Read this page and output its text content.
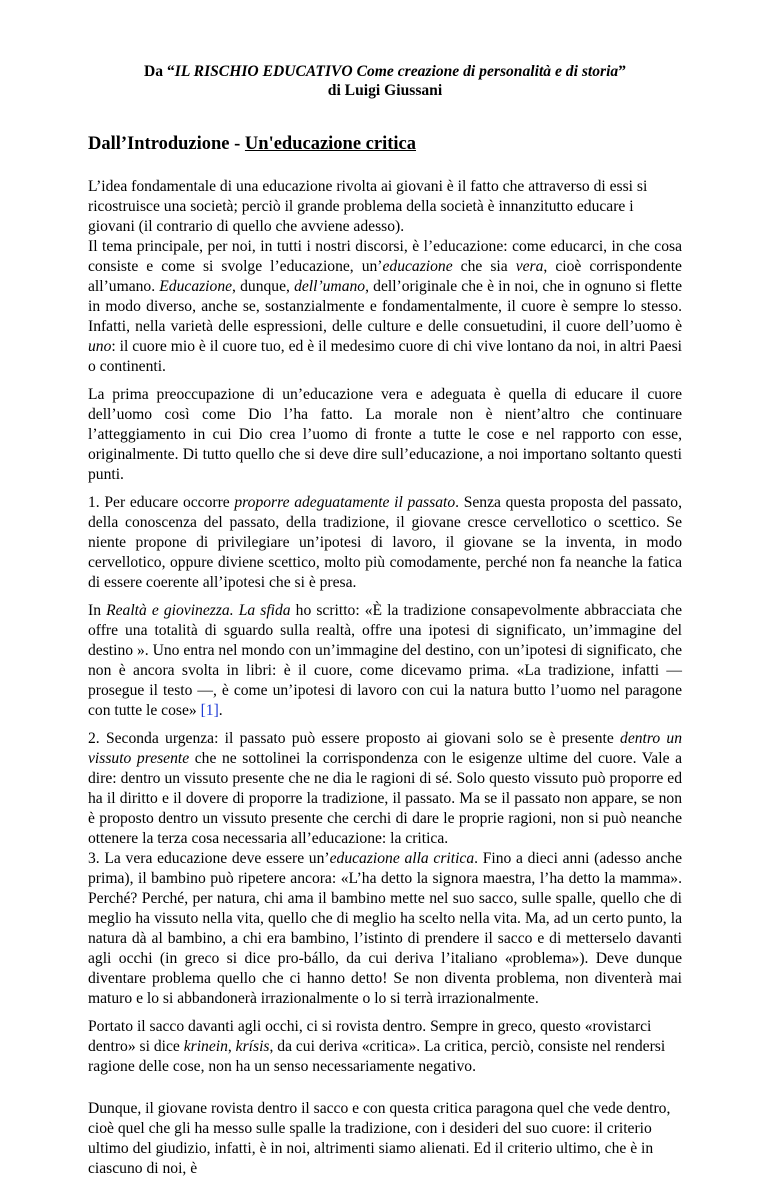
Da “IL RISCHIO EDUCATIVO Come creazione di personalità e di storia”
di Luigi Giussani
Dall’Introduzione - Un'educazione critica

L’idea fondamentale di una educazione rivolta ai giovani è il fatto che attraverso di essi si ricostruisce una società; perciò il grande problema della società è innanzitutto educare i giovani (il contrario di quello che avviene adesso).

Il tema principale, per noi, in tutti i nostri discorsi, è l’educazione: come educarci, in che cosa consiste e come si svolge l’educazione, un’educazione che sia vera, cioè corrispondente all’umano. Educazione, dunque, dell’umano, dell’originale che è in noi, che in ognuno si flette in modo diverso, anche se, sostanzialmente e fondamentalmente, il cuore è sempre lo stesso. Infatti, nella varietà delle espressioni, delle culture e delle consuetudini, il cuore dell’uomo è uno: il cuore mio è il cuore tuo, ed è il medesimo cuore di chi vive lontano da noi, in altri Paesi o continenti.

La prima preoccupazione di un’educazione vera e adeguata è quella di educare il cuore dell’uomo così come Dio l’ha fatto. La morale non è nient’altro che continuare l’atteggiamento in cui Dio crea l’uomo di fronte a tutte le cose e nel rapporto con esse, originalmente. Di tutto quello che si deve dire sull’educazione, a noi importano soltanto questi punti.

1. Per educare occorre proporre adeguatamente il passato. Senza questa proposta del passato, della conoscenza del passato, della tradizione, il giovane cresce cervellotico o scettico. Se niente propone di privilegiare un’ipotesi di lavoro, il giovane se la inventa, in modo cervellotico, oppure diviene scettico, molto più comodamente, perché non fa neanche la fatica di essere coerente all’ipotesi che si è presa.

In Realtà e giovinezza. La sfida ho scritto: «È la tradizione consapevolmente abbracciata che offre una totalità di sguardo sulla realtà, offre una ipotesi di significato, un’immagine del destino ». Uno entra nel mondo con un’immagine del destino, con un’ipotesi di significato, che non è ancora svolta in libri: è il cuore, come dicevamo prima. «La tradizione, infatti — prosegue il testo —, è come un’ipotesi di lavoro con cui la natura butto l’uomo nel paragone con tutte le cose» [1].

2. Seconda urgenza: il passato può essere proposto ai giovani solo se è presente dentro un vissuto presente che ne sottolinei la corrispondenza con le esigenze ultime del cuore. Vale a dire: dentro un vissuto presente che ne dia le ragioni di sé. Solo questo vissuto può proporre ed ha il diritto e il dovere di proporre la tradizione, il passato. Ma se il passato non appare, se non è proposto dentro un vissuto presente che cerchi di dare le proprie ragioni, non si può neanche ottenere la terza cosa necessaria all’educazione: la critica.

3. La vera educazione deve essere un’educazione alla critica. Fino a dieci anni (adesso anche prima), il bambino può ripetere ancora: «L’ha detto la signora maestra, l’ha detto la mamma». Perché? Perché, per natura, chi ama il bambino mette nel suo sacco, sulle spalle, quello che di meglio ha vissuto nella vita, quello che di meglio ha scelto nella vita. Ma, ad un certo punto, la natura dà al bambino, a chi era bambino, l’istinto di prendere il sacco e di metterselo davanti agli occhi (in greco si dice pro-bállo, da cui deriva l’italiano «problema»). Deve dunque diventare problema quello che ci hanno detto! Se non diventa problema, non diventerà mai maturo e lo si abbandonerà irrazionalmente o lo si terrà irrazionalmente.

Portato il sacco davanti agli occhi, ci si rovista dentro. Sempre in greco, questo «rovistarci dentro» si dice krinein, krísis, da cui deriva «critica». La critica, perciò, consiste nel rendersi ragione delle cose, non ha un senso necessariamente negativo.

Dunque, il giovane rovista dentro il sacco e con questa critica paragona quel che vede dentro, cioè quel che gli ha messo sulle spalle la tradizione, con i desideri del suo cuore: il criterio ultimo del giudizio, infatti, è in noi, altrimenti siamo alienati. Ed il criterio ultimo, che è in ciascuno di noi, è
